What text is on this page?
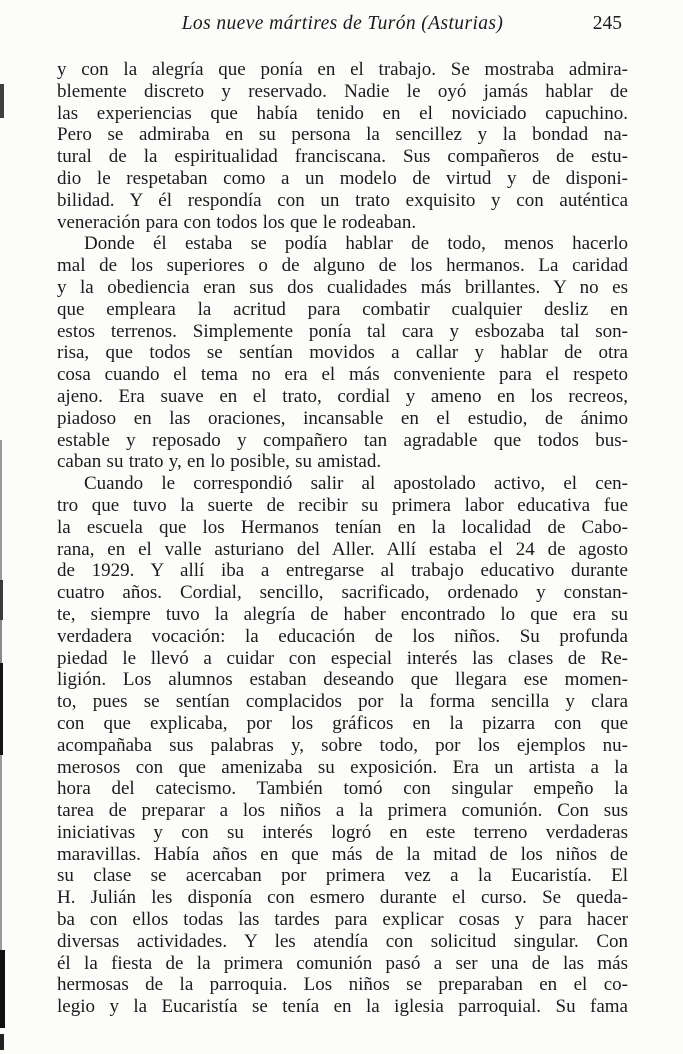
Los nueve mártires de Turón (Asturias)	245
y con la alegría que ponía en el trabajo. Se mostraba admira-
blemente discreto y reservado. Nadie le oyó jamás hablar de
las experiencias que había tenido en el noviciado capuchino.
Pero se admiraba en su persona la sencillez y la bondad na-
tural de la espiritualidad franciscana. Sus compañeros de estu-
dio le respetaban como a un modelo de virtud y de disponi-
bilidad. Y él respondía con un trato exquisito y con auténtica
veneración para con todos los que le rodeaban.
Donde él estaba se podía hablar de todo, menos hacerlo
mal de los superiores o de alguno de los hermanos. La caridad
y la obediencia eran sus dos cualidades más brillantes. Y no es
que empleara la acritud para combatir cualquier desliz en
estos terrenos. Simplemente ponía tal cara y esbozaba tal son-
risa, que todos se sentían movidos a callar y hablar de otra
cosa cuando el tema no era el más conveniente para el respeto
ajeno. Era suave en el trato, cordial y ameno en los recreos,
piadoso en las oraciones, incansable en el estudio, de ánimo
estable y reposado y compañero tan agradable que todos bus-
caban su trato y, en lo posible, su amistad.
Cuando le correspondió salir al apostolado activo, el cen-
tro que tuvo la suerte de recibir su primera labor educativa fue
la escuela que los Hermanos tenían en la localidad de Cabo-
rana, en el valle asturiano del Aller. Allí estaba el 24 de agosto
de 1929. Y allí iba a entregarse al trabajo educativo durante
cuatro años. Cordial, sencillo, sacrificado, ordenado y constan-
te, siempre tuvo la alegría de haber encontrado lo que era su
verdadera vocación: la educación de los niños. Su profunda
piedad le llevó a cuidar con especial interés las clases de Re-
ligión. Los alumnos estaban deseando que llegara ese momen-
to, pues se sentían complacidos por la forma sencilla y clara
con que explicaba, por los gráficos en la pizarra con que
acompañaba sus palabras y, sobre todo, por los ejemplos nu-
merosos con que amenizaba su exposición. Era un artista a la
hora del catecismo. También tomó con singular empeño la
tarea de preparar a los niños a la primera comunión. Con sus
iniciativas y con su interés logró en este terreno verdaderas
maravillas. Había años en que más de la mitad de los niños de
su clase se acercaban por primera vez a la Eucaristía. El
H. Julián les disponía con esmero durante el curso. Se queda-
ba con ellos todas las tardes para explicar cosas y para hacer
diversas actividades. Y les atendía con solicitud singular. Con
él la fiesta de la primera comunión pasó a ser una de las más
hermosas de la parroquia. Los niños se preparaban en el co-
legio y la Eucaristía se tenía en la iglesia parroquial. Su fama
